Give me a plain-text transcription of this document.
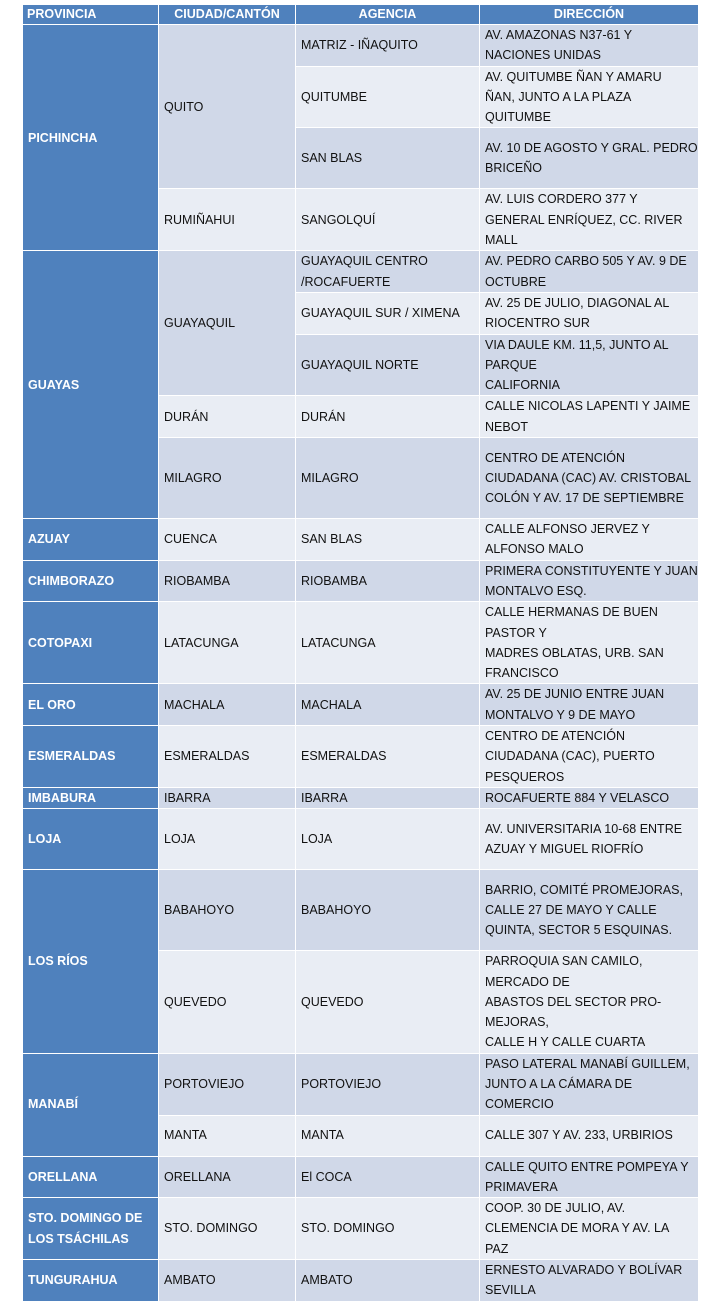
PROVINCIA	CIUDAD/CANTÓN	AGENCIA	DIRECCIÓN

PICHINCHA	QUITO	MATRIZ - IÑAQUITO	AV. AMAZONAS N37-61 Y
NACIONES UNIDAS

		QUITUMBE	AV. QUITUMBE ÑAN Y AMARU
ÑAN, JUNTO A LA PLAZA
QUITUMBE

		SAN BLAS	AV. 10 DE AGOSTO Y GRAL. PEDRO
BRICEÑO

	RUMIÑAHUI	SANGOLQUÍ	AV. LUIS CORDERO 377 Y
GENERAL ENRÍQUEZ, CC. RIVER
MALL

GUAYAS	GUAYAQUIL	GUAYAQUIL CENTRO
/ROCAFUERTE	AV. PEDRO CARBO 505 Y AV. 9 DE
OCTUBRE

		GUAYAQUIL SUR / XIMENA	AV. 25 DE JULIO, DIAGONAL AL
RIOCENTRO SUR

		GUAYAQUIL NORTE	VIA DAULE KM. 11,5, JUNTO AL
PARQUE
CALIFORNIA

	DURÁN	DURÁN	CALLE NICOLAS LAPENTI Y JAIME
NEBOT

	MILAGRO	MILAGRO	CENTRO DE ATENCIÓN
CIUDADANA (CAC) AV. CRISTOBAL
COLÓN Y AV. 17 DE SEPTIEMBRE

AZUAY	CUENCA	SAN BLAS	CALLE ALFONSO JERVEZ Y
ALFONSO MALO

CHIMBORAZO	RIOBAMBA	RIOBAMBA	PRIMERA CONSTITUYENTE Y JUAN
MONTALVO ESQ.

COTOPAXI	LATACUNGA	LATACUNGA	CALLE HERMANAS DE BUEN
PASTOR Y
MADRES OBLATAS, URB. SAN
FRANCISCO

EL ORO	MACHALA	MACHALA	AV. 25 DE JUNIO ENTRE JUAN
MONTALVO Y 9 DE MAYO

ESMERALDAS	ESMERALDAS	ESMERALDAS	CENTRO DE ATENCIÓN
CIUDADANA (CAC), PUERTO
PESQUEROS

IMBABURA	IBARRA	IBARRA	ROCAFUERTE 884 Y VELASCO

LOJA	LOJA	LOJA	AV. UNIVERSITARIA 10-68 ENTRE
AZUAY Y MIGUEL RIOFRÍO

LOS RÍOS	BABAHOYO	BABAHOYO	BARRIO, COMITÉ PROMEJORAS,
CALLE 27 DE MAYO Y CALLE
QUINTA, SECTOR 5 ESQUINAS.

	QUEVEDO	QUEVEDO	PARROQUIA SAN CAMILO,
MERCADO DE
ABASTOS DEL SECTOR PRO-
MEJORAS,
CALLE H Y CALLE CUARTA

MANABÍ	PORTOVIEJO	PORTOVIEJO	PASO LATERAL MANABÍ GUILLEM,
JUNTO A LA CÁMARA DE
COMERCIO

	MANTA	MANTA	CALLE 307 Y AV. 233, URBIRIOS

ORELLANA	ORELLANA	El COCA	CALLE QUITO ENTRE POMPEYA Y
PRIMAVERA

STO. DOMINGO DE
LOS TSÁCHILAS	STO. DOMINGO	STO. DOMINGO	COOP. 30 DE JULIO, AV.
CLEMENCIA DE MORA Y AV. LA
PAZ

TUNGURAHUA	AMBATO	AMBATO	ERNESTO ALVARADO Y BOLÍVAR
SEVILLA
